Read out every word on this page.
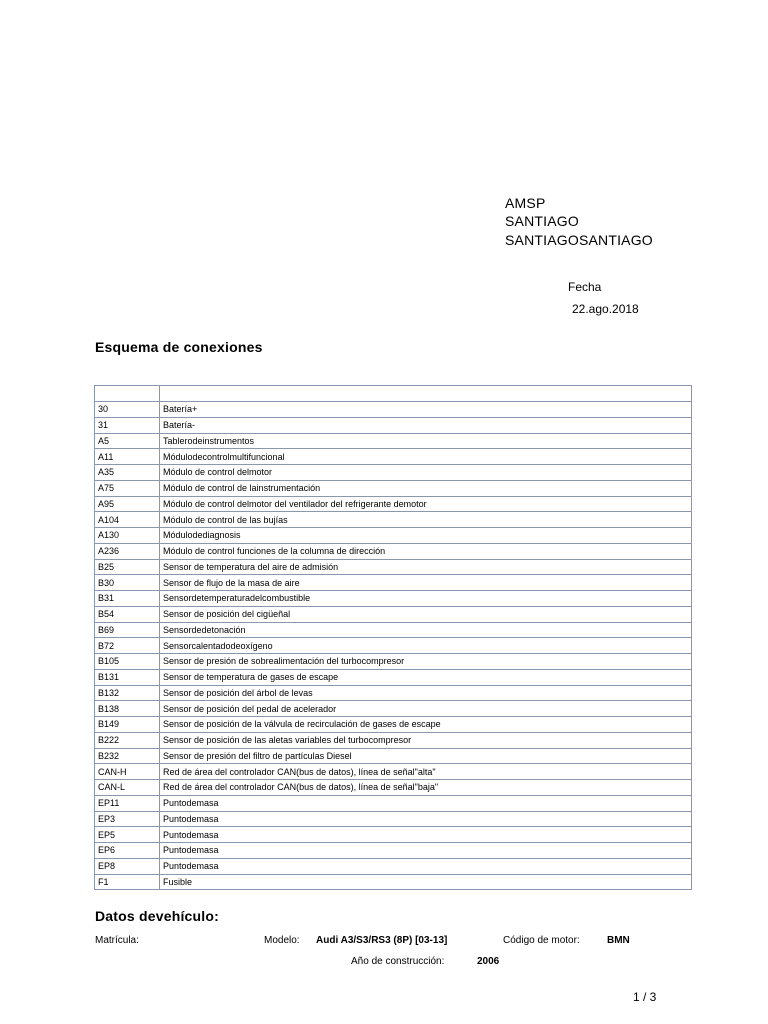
AMSP
SANTIAGO
SANTIAGOSANTIAGO
Fecha
22.ago.2018
Esquema de conexiones

30	Batería+
31	Batería-
A5	Tablerodeinstrumentos
A11	Módulodecontrolmultifuncional
A35	Módulo de control delmotor
A75	Módulo de control de lainstrumentación
A95	Módulo de control delmotor del ventilador del refrigerante demotor
A104	Módulo de control de las bujías
A130	Módulodediagnosis
A236	Módulo de control funciones de la columna de dirección
B25	Sensor de temperatura del aire de admisión
B30	Sensor de flujo de la masa de aire
B31	Sensordetemperaturadelcombustible
B54	Sensor de posición del cigüeñal
B69	Sensordedetonación
B72	Sensorcalentadodeoxígeno
B105	Sensor de presión de sobrealimentación del turbocompresor
B131	Sensor de temperatura de gases de escape
B132	Sensor de posición del árbol de levas
B138	Sensor de posición del pedal de acelerador
B149	Sensor de posición de la válvula de recirculación de gases de escape
B222	Sensor de posición de las aletas variables del turbocompresor
B232	Sensor de presión del filtro de partículas Diesel
CAN-H	Red de área del controlador CAN(bus de datos), línea de señal"alta"
CAN-L	Red de área del controlador CAN(bus de datos), línea de señal"baja"
EP11	Puntodemasa
EP3	Puntodemasa
EP5	Puntodemasa
EP6	Puntodemasa
EP8	Puntodemasa
F1	Fusible
Datos devehículo:
Matrícula:	Modelo: Audi A3/S3/RS3 (8P) [03-13]	Código de motor:	BMN
Año de construcción:	2006
1 / 3
